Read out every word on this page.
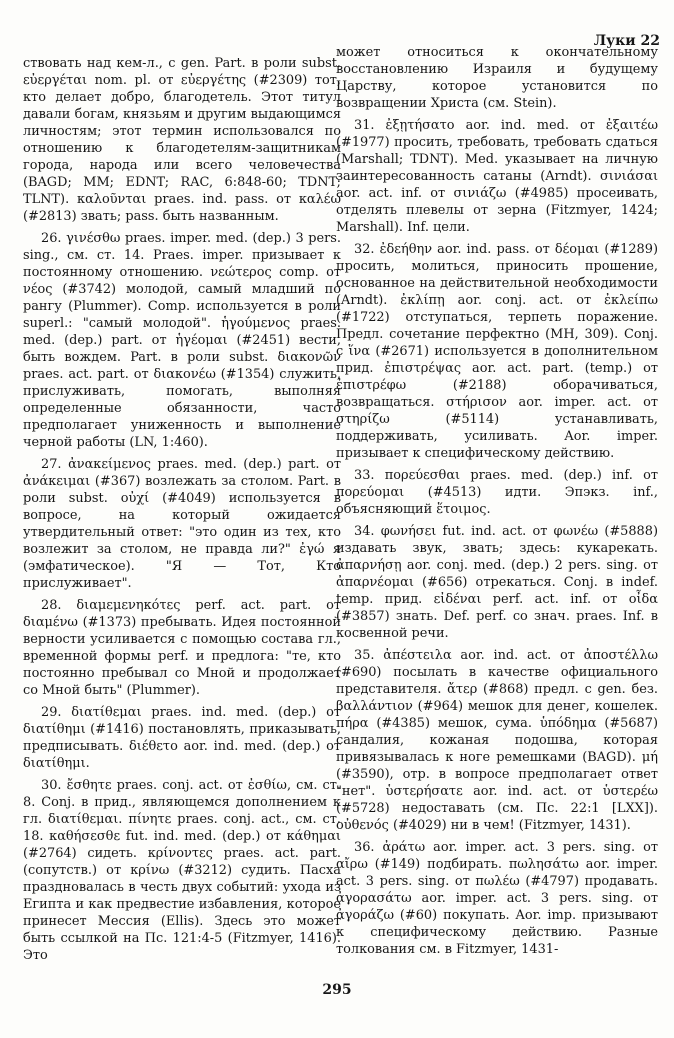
Луки 22

ствовать над кем-л., с gen. Part. в роли subst. εὐεργέται nom. pl. от εὐεργέτης (#2309) тот, кто делает добро, благодетель. Этот титул давали богам, князьям и другим выдающимся личностям; этот термин использовался по отношению к благодетелям-защитникам города, народа или всего человечества (BAGD; MM; EDNT; RAC, 6:848-60; TDNT; TLNT). καλοῦνται praes. ind. pass. от καλέω (#2813) звать; pass. быть названным.

26. γινέσθω praes. imper. med. (dep.) 3 pers. sing., см. ст. 14. Praes. imper. призывает к постоянному отношению. νεώτερος comp. от νέος (#3742) молодой, самый младший по рангу (Plummer). Comp. используется в роли superl.: "самый молодой". ἡγούμενος praes. med. (dep.) part. от ἡγέομαι (#2451) вести, быть вождем. Part. в роли subst. διακονῶν praes. act. part. от διακονέω (#1354) служить, прислуживать, помогать, выполняя определенные обязанности, часто предполагает униженность и выполнение черной работы (LN, 1:460).

27. ἀνακείμενος praes. med. (dep.) part. от ἀνάκειμαι (#367) возлежать за столом. Part. в роли subst. οὐχί (#4049) используется в вопросе, на который ожидается утвердительный ответ: "это один из тех, кто возлежит за столом, не правда ли?" ἐγώ я (эмфатическое). "Я — Тот, Кто прислуживает".

28. διαμεμενηκότες perf. act. part. от διαμένω (#1373) пребывать. Идея постоянной верности усиливается с помощью состава гл., временной формы perf. и предлога: "те, кто постоянно пребывал со Мной и продолжает со Мной быть" (Plummer).

29. διατίθεμαι praes. ind. med. (dep.) от διατίθημι (#1416) постановлять, приказывать, предписывать. διέθετο aor. ind. med. (dep.) от διατίθημι.

30. ἔσθητε praes. conj. act. от ἐσθίω, см. ст. 8. Conj. в прид., являющемся дополнением к гл. διατίθεμαι. πίνητε praes. conj. act., см. ст. 18. καθήσεσθε fut. ind. med. (dep.) от κάθημαι (#2764) сидеть. κρίνοντες praes. act. part. (сопутств.) от κρίνω (#3212) судить. Пасха праздновалась в честь двух событий: ухода из Египта и как предвестие избавления, которое принесет Мессия (Ellis). Здесь это может быть ссылкой на Пс. 121:4-5 (Fitzmyer, 1416). Это

может относиться к окончательному восстановлению Израиля и будущему Царству, которое установится по возвращении Христа (см. Stein).

31. ἐξῃτήσατο aor. ind. med. от ἐξαιτέω (#1977) просить, требовать, требовать сдаться (Marshall; TDNT). Med. указывает на личную заинтересованность сатаны (Arndt). σινιάσαι aor. act. inf. от σινιάζω (#4985) просеивать, отделять плевелы от зерна (Fitzmyer, 1424; Marshall). Inf. цели.

32. ἐδεήθην aor. ind. pass. от δέομαι (#1289) просить, молиться, приносить прошение, основанное на действительной необходимости (Arndt). ἐκλίπῃ aor. conj. act. от ἐκλείπω (#1722) отступаться, терпеть поражение. Предл. сочетание перфектно (MH, 309). Conj. с ἵνα (#2671) используется в дополнительном прид. ἐπιστρέψας aor. act. part. (temp.) от ἐπιστρέφω (#2188) оборачиваться, возвращаться. στήρισον aor. imper. act. от στηρίζω (#5114) устанавливать, поддерживать, усиливать. Aor. imper. призывает к специфическому действию.

33. πορεύεσθαι praes. med. (dep.) inf. от πορεύομαι (#4513) идти. Эпэкз. inf., объясняющий ἕτοιμος.

34. φωνήσει fut. ind. act. от φωνέω (#5888) издавать звук, звать; здесь: кукарекать. ἀπαρνήσῃ aor. conj. med. (dep.) 2 pers. sing. от ἀπαρνέομαι (#656) отрекаться. Conj. в indef. temp. прид. εἰδέναι perf. act. inf. от οἶδα (#3857) знать. Def. perf. со знач. praes. Inf. в косвенной речи.

35. ἀπέστειλα aor. ind. act. от ἀποστέλλω (#690) посылать в качестве официального представителя. ἄτερ (#868) предл. с gen. без. βαλλάντιον (#964) мешок для денег, кошелек. πήρα (#4385) мешок, сума. ὑπόδημα (#5687) сандалия, кожаная подошва, которая привязывалась к ноге ремешками (BAGD). μή (#3590), отр. в вопросе предполагает ответ "нет". ὑστερήσατε aor. ind. act. от ὑστερέω (#5728) недоставать (см. Пс. 22:1 [LXX]). οὐθενός (#4029) ни в чем! (Fitzmyer, 1431).

36. ἀράτω aor. imper. act. 3 pers. sing. от αἴρω (#149) подбирать. πωλησάτω aor. imper. act. 3 pers. sing. от πωλέω (#4797) продавать. ἀγορασάτω aor. imper. act. 3 pers. sing. от ἀγοράζω (#60) покупать. Aor. imp. призывают к специфическому действию. Разные толкования см. в Fitzmyer, 1431-

295
